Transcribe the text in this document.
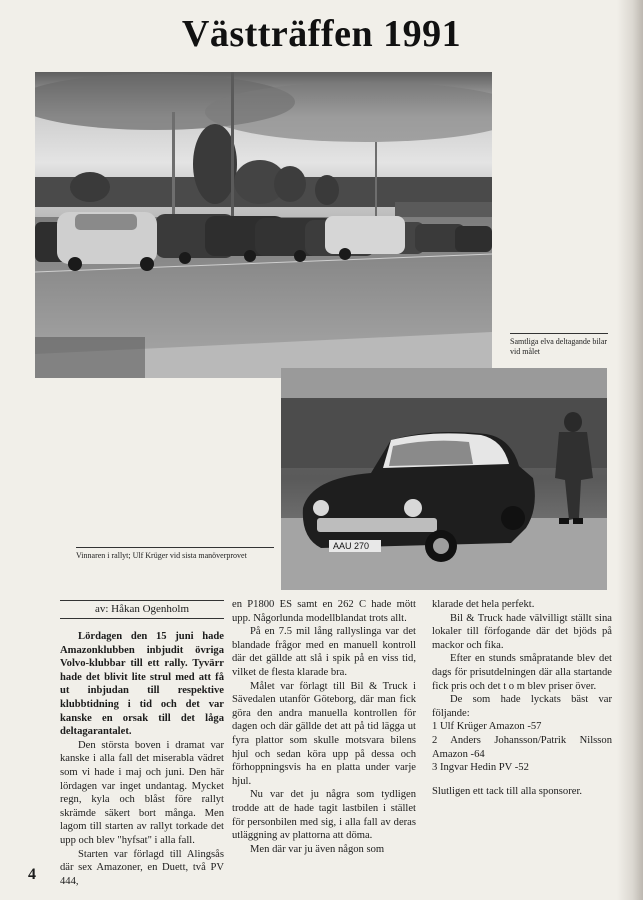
Västträffen 1991
Samtliga elva deltagande bilar vid målet
AAU 270
Vinnaren i rallyt; Ulf Krüger vid sista manöverprovet
av: Håkan Ogenholm

Lördagen den 15 juni hade Amazonklubben inbjudit övriga Volvo-klubbar till ett rally. Tyvärr hade det blivit lite strul med att få ut inbjudan till respektive klubbtidning i tid och det var kanske en orsak till det låga deltagarantalet.

Den största boven i dramat var kanske i alla fall det miserabla vädret som vi hade i maj och juni. Den här lördagen var inget undantag. Mycket regn, kyla och blåst före rallyt skrämde säkert bort många. Men lagom till starten av rallyt torkade det upp och blev "hyfsat" i alla fall.

Starten var förlagd till Alingsås där sex Amazoner, en Duett, två PV 444,

en P1800 ES samt en 262 C hade mött upp. Någorlunda modellblandat trots allt.

På en 7.5 mil lång rallyslinga var det blandade frågor med en manuell kontroll där det gällde att slå i spik på en viss tid, vilket de flesta klarade bra.

Målet var förlagt till Bil & Truck i Sävedalen utanför Göteborg, där man fick göra den andra manuella kontrollen för dagen och där gällde det att på tid lägga ut fyra plattor som skulle motsvara bilens hjul och sedan köra upp på dessa och förhoppningsvis ha en platta under varje hjul.

Nu var det ju några som tydligen trodde att de hade tagit lastbilen i stället för personbilen med sig, i alla fall av deras utläggning av plattorna att döma.

Men där var ju även någon som

klarade det hela perfekt.

Bil & Truck hade välvilligt ställt sina lokaler till förfogande där det bjöds på mackor och fika.

Efter en stunds småpratande blev det dags för prisutdelningen där alla startande fick pris och det t o m blev priser över.

De som hade lyckats bäst var följande:

1 Ulf Krüger Amazon -57

2 Anders Johansson/Patrik Nilsson Amazon -64

3 Ingvar Hedin PV -52

Slutligen ett tack till alla sponsorer.

4
